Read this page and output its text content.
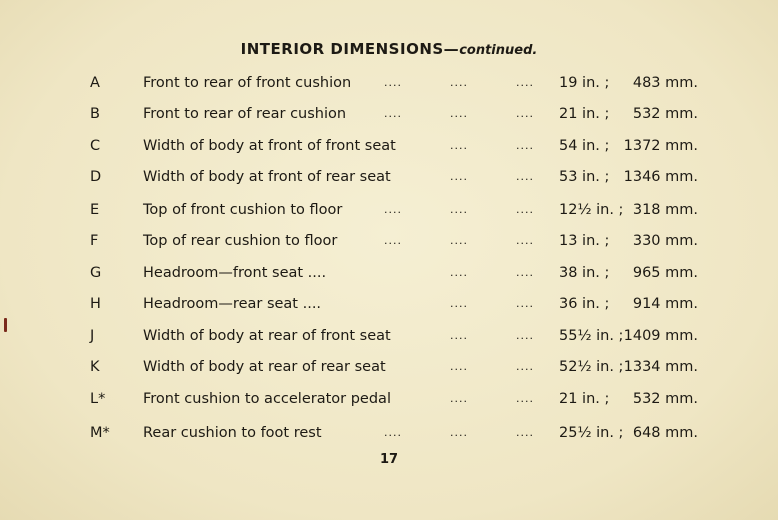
INTERIOR DIMENSIONS—continued.
A	Front to rear of front cushion	....	....	.... 19 in. ;	483 mm.
B	Front to rear of rear cushion	....	....	.... 21 in. ;	532 mm.
C	Width of body at front of front seat	....	.... 54 in. ; 1372 mm.
D	Width of body at front of rear seat	....	.... 53 in. ; 1346 mm.
E	Top of front cushion to floor	....	....	.... 12½ in. ; 318 mm.
F	Top of rear cushion to floor	....	....	.... 13 in. ;	330 mm.
G	Headroom—front seat ....	....	.... 38 in. ;	965 mm.
H	Headroom—rear seat ....	....	.... 36 in. ;	914 mm.
J	Width of body at rear of front seat	....	.... 55½ in. ; 1409 mm.
K	Width of body at rear of rear seat	....	.... 52½ in. ; 1334 mm.
L*	Front cushion to accelerator pedal	....	.... 21 in. ;	532 mm.
M* Rear cushion to foot rest	....	....	.... 25½ in. ; 648 mm.
17
